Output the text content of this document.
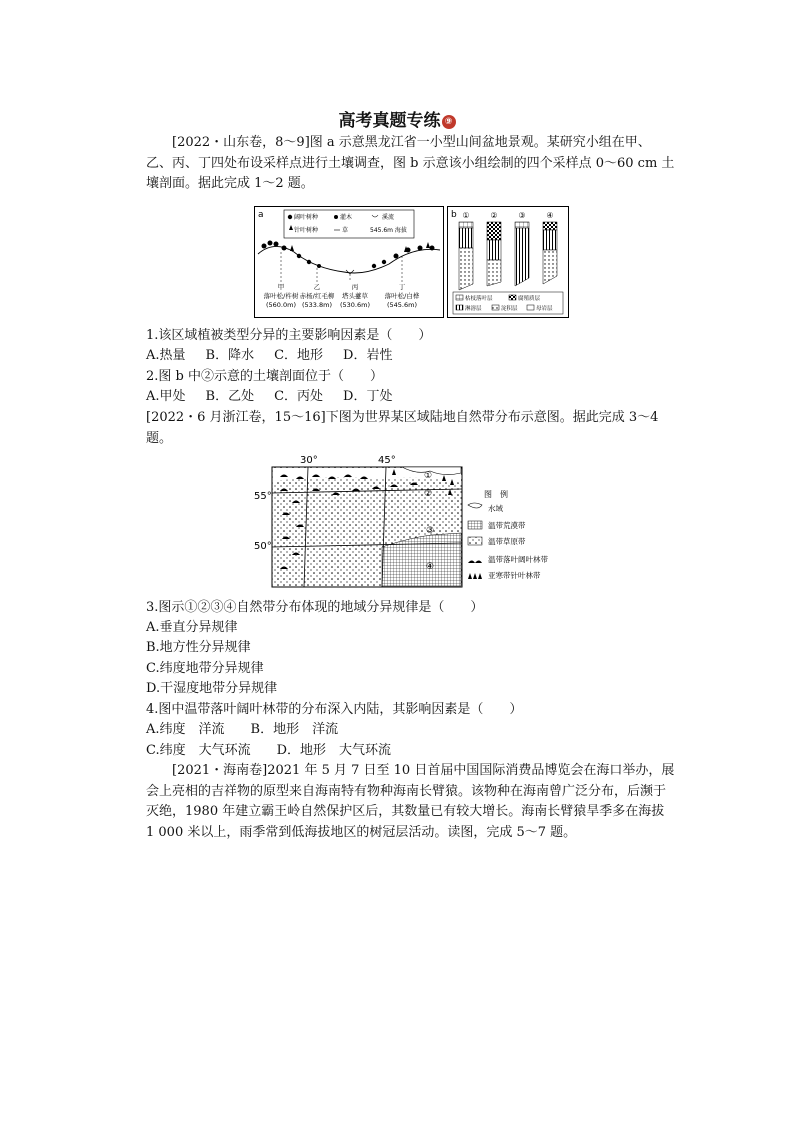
高考真题专练 ⑨

[2022・山东卷，8～9]图 a 示意黑龙江省一小型山间盆地景观。某研究小组在甲、乙、丙、丁四处布设采样点进行土壤调查，图 b 示意该小组绘制的四个采样点 0～60 cm 土壤剖面。据此完成 1～2 题。

a	阔叶树种	灌木	溪流
针叶树种	草	545.6m 海拔
甲
落叶松/杵树
(560.0m)
乙
赤杨/红毛柳
(533.8m)
丙
塔头薹草
(530.6m)
丁
落叶松/白桦
(545.6m)
b ①	②	③	④
枯枝落叶层	腐殖质层
淋溶层	淀积层	母岩层

1.该区域植被类型分异的主要影响因素是（　　）

A.热量 B．降水 C．地形 D．岩性

2.图 b 中②示意的土壤剖面位于（　　）

A.甲处 B．乙处 C．丙处 D．丁处

[2022・6 月浙江卷，15～16]下图为世界某区域陆地自然带分布示意图。据此完成 3～4 题。

30°	45°
55°
50°
①
②
③
④
图　例
水域
温带荒漠带
温带草原带
温带落叶阔叶林带
亚寒带针叶林带

3.图示①②③④自然带分布体现的地域分异规律是（　　）

A.垂直分异规律

B.地方性分异规律

C.纬度地带分异规律

D.干湿度地带分异规律

4.图中温带落叶阔叶林带的分布深入内陆，其影响因素是（　　）

A.纬度　洋流　　B．地形　洋流

C.纬度　大气环流　　D．地形　大气环流

[2021・海南卷]2021 年 5 月 7 日至 10 日首届中国国际消费品博览会在海口举办，展会上亮相的吉祥物的原型来自海南特有物种海南长臂猿。该物种在海南曾广泛分布，后濒于灭绝，1980 年建立霸王岭自然保护区后，其数量已有较大增长。海南长臂猿旱季多在海拔 1 000 米以上，雨季常到低海拔地区的树冠层活动。读图，完成 5～7 题。
